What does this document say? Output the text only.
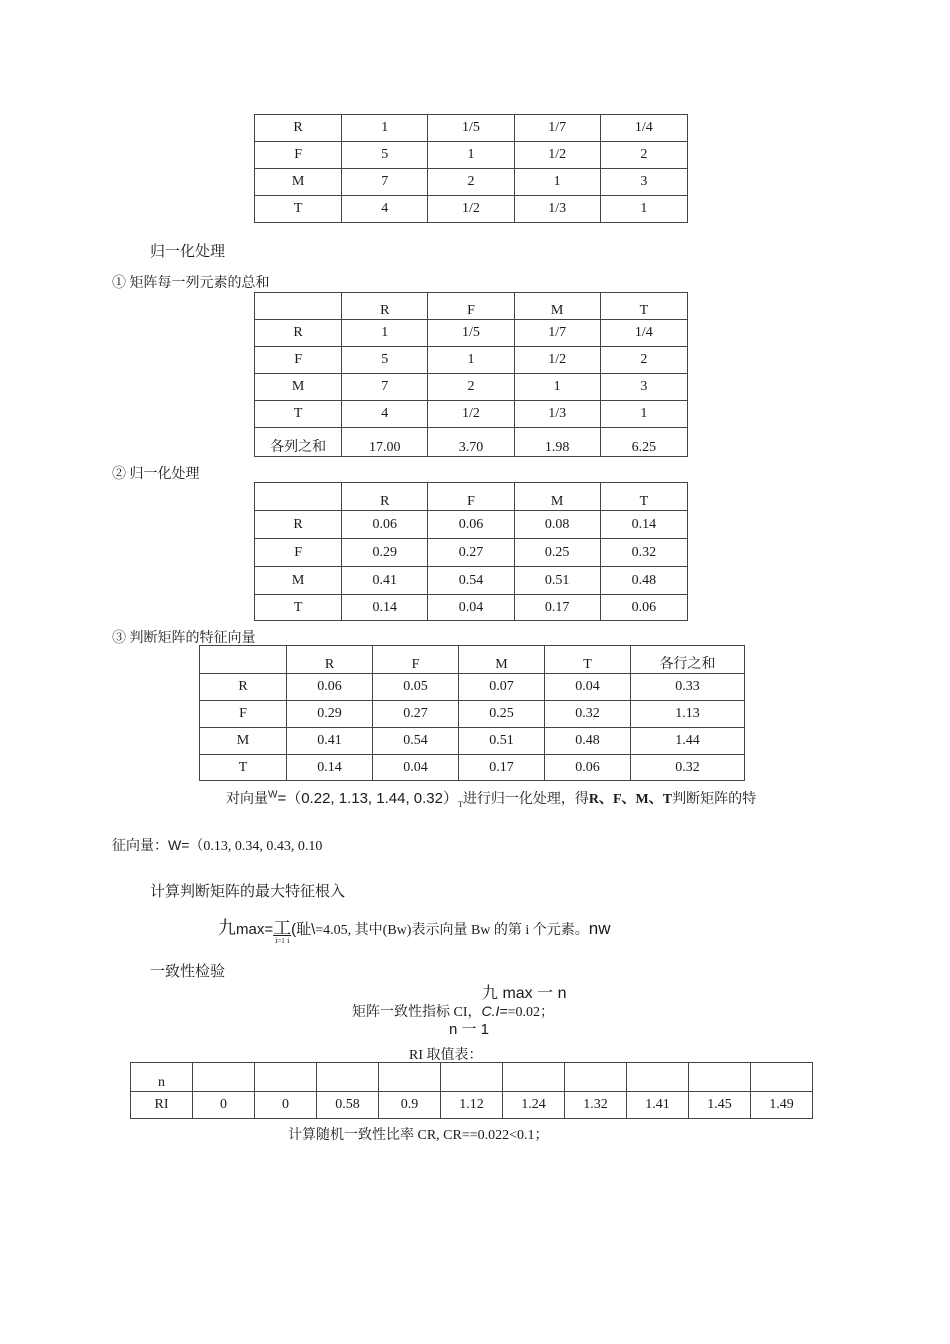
R	1	1/5	1/7	1/4
F	5	1	1/2	2
M	7	2	1	3
T	4	1/2	1/3	1
归一化处理
① 矩阵每一列元素的总和
	R	F	M	T
R	1	1/5	1/7	1/4
F	5	1	1/2	2
M	7	2	1	3
T	4	1/2	1/3	1
各列之和	17.00	3.70	1.98	6.25
② 归一化处理
	R	F	M	T
R	0.06	0.06	0.08	0.14
F	0.29	0.27	0.25	0.32
M	0.41	0.54	0.51	0.48
T	0.14	0.04	0.17	0.06
③ 判断矩阵的特征向量
	R	F	M	T	各行之和
R	0.06	0.05	0.07	0.04	0.33
F	0.29	0.27	0.25	0.32	1.13
M	0.41	0.54	0.51	0.48	1.44
T	0.14	0.04	0.17	0.06	0.32
对向量$^W$=（0.22, 1.13, 1.44, $0.32)_T$进行归一化处理，得R、F、M、T判断矩阵的特
征向量：W=（0.13, 0.34, 0.43, 0.10
计算判断矩阵的最大特征根入
九max=工
ⅰ=1ｉ
(耻\=4.05, 其中(Bw)表示向量 Bw 的第 i 个元素。nw
一致性检验
九 max 一 n
矩阵一致性指标 CI，C.I==0.02；
n 一 1
RI 取值表：
n										
RI	0	0	0.58	0.9	1.12	1.24	1.32	1.41	1.45	1.49
计算随机一致性比率 CR, CR==0.022<0.1；
